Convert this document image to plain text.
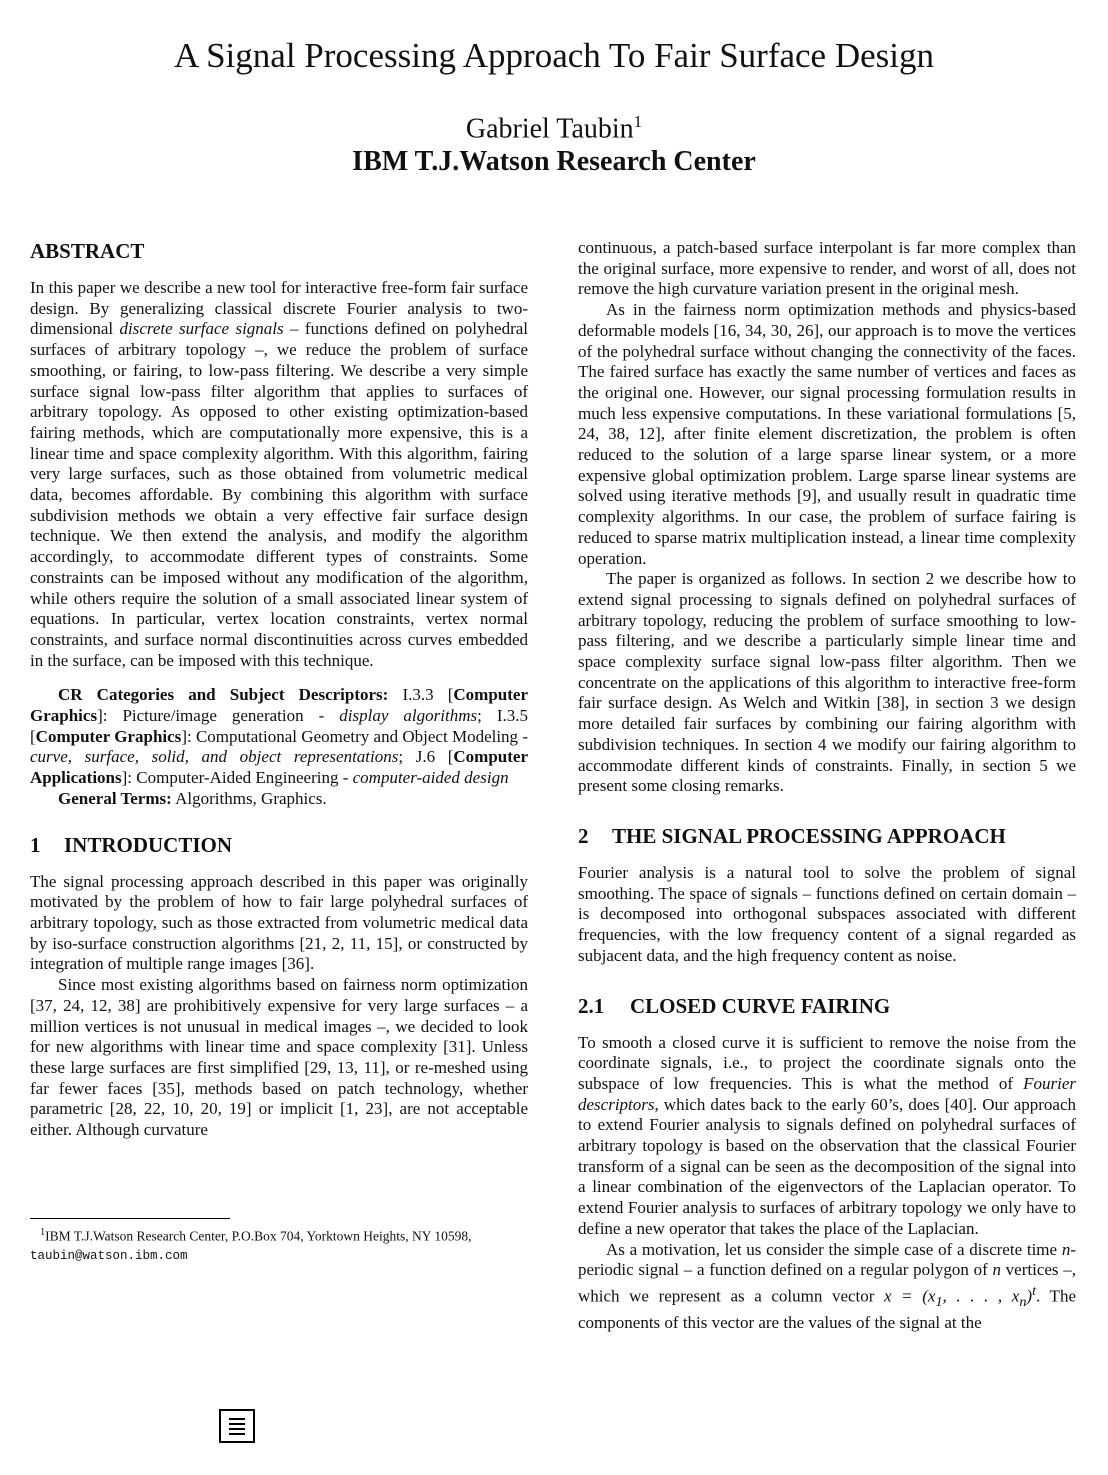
A Signal Processing Approach To Fair Surface Design
Gabriel Taubin$^1$
IBM T.J.Watson Research Center
ABSTRACT

In this paper we describe a new tool for interactive free-form fair surface design. By generalizing classical discrete Fourier analysis to two-dimensional discrete surface signals – functions defined on polyhedral surfaces of arbitrary topology –, we reduce the problem of surface smoothing, or fairing, to low-pass filtering. We describe a very simple surface signal low-pass filter algorithm that applies to surfaces of arbitrary topology. As opposed to other existing optimization-based fairing methods, which are computationally more expensive, this is a linear time and space complexity algorithm. With this algorithm, fairing very large surfaces, such as those obtained from volumetric medical data, becomes affordable. By combining this algorithm with surface subdivision methods we obtain a very effective fair surface design technique. We then extend the analysis, and modify the algorithm accordingly, to accommodate different types of constraints. Some constraints can be imposed without any modification of the algorithm, while others require the solution of a small associated linear system of equations. In particular, vertex location constraints, vertex normal constraints, and surface normal discontinuities across curves embedded in the surface, can be imposed with this technique.

CR Categories and Subject Descriptors: I.3.3 [Computer Graphics]: Picture/image generation - display algorithms; I.3.5 [Computer Graphics]: Computational Geometry and Object Modeling - curve, surface, solid, and object representations; J.6 [Computer Applications]: Computer-Aided Engineering - computer-aided design

General Terms: Algorithms, Graphics.

1 INTRODUCTION

The signal processing approach described in this paper was originally motivated by the problem of how to fair large polyhedral surfaces of arbitrary topology, such as those extracted from volumetric medical data by iso-surface construction algorithms [21, 2, 11, 15], or constructed by integration of multiple range images [36].

Since most existing algorithms based on fairness norm optimization [37, 24, 12, 38] are prohibitively expensive for very large surfaces – a million vertices is not unusual in medical images –, we decided to look for new algorithms with linear time and space complexity [31]. Unless these large surfaces are first simplified [29, 13, 11], or re-meshed using far fewer faces [35], methods based on patch technology, whether parametric [28, 22, 10, 20, 19] or implicit [1, 23], are not acceptable either. Although curvature

$^1$IBM T.J.Watson Research Center, P.O.Box 704, Yorktown Heights, NY 10598,
taubin@watson.ibm.com

continuous, a patch-based surface interpolant is far more complex than the original surface, more expensive to render, and worst of all, does not remove the high curvature variation present in the original mesh.

As in the fairness norm optimization methods and physics-based deformable models [16, 34, 30, 26], our approach is to move the vertices of the polyhedral surface without changing the connectivity of the faces. The faired surface has exactly the same number of vertices and faces as the original one. However, our signal processing formulation results in much less expensive computations. In these variational formulations [5, 24, 38, 12], after finite element discretization, the problem is often reduced to the solution of a large sparse linear system, or a more expensive global optimization problem. Large sparse linear systems are solved using iterative methods [9], and usually result in quadratic time complexity algorithms. In our case, the problem of surface fairing is reduced to sparse matrix multiplication instead, a linear time complexity operation.

The paper is organized as follows. In section 2 we describe how to extend signal processing to signals defined on polyhedral surfaces of arbitrary topology, reducing the problem of surface smoothing to low-pass filtering, and we describe a particularly simple linear time and space complexity surface signal low-pass filter algorithm. Then we concentrate on the applications of this algorithm to interactive free-form fair surface design. As Welch and Witkin [38], in section 3 we design more detailed fair surfaces by combining our fairing algorithm with subdivision techniques. In section 4 we modify our fairing algorithm to accommodate different kinds of constraints. Finally, in section 5 we present some closing remarks.

2 THE SIGNAL PROCESSING APPROACH

Fourier analysis is a natural tool to solve the problem of signal smoothing. The space of signals – functions defined on certain domain – is decomposed into orthogonal subspaces associated with different frequencies, with the low frequency content of a signal regarded as subjacent data, and the high frequency content as noise.

2.1 CLOSED CURVE FAIRING

To smooth a closed curve it is sufficient to remove the noise from the coordinate signals, i.e., to project the coordinate signals onto the subspace of low frequencies. This is what the method of Fourier descriptors, which dates back to the early 60’s, does [40]. Our approach to extend Fourier analysis to signals defined on polyhedral surfaces of arbitrary topology is based on the observation that the classical Fourier transform of a signal can be seen as the decomposition of the signal into a linear combination of the eigenvectors of the Laplacian operator. To extend Fourier analysis to surfaces of arbitrary topology we only have to define a new operator that takes the place of the Laplacian.

As a motivation, let us consider the simple case of a discrete time n-periodic signal – a function defined on a regular polygon of n vertices –, which we represent as a column vector $x = (x_1$, . . . , $x_n)^t$. The components of this vector are the values of the signal at the
